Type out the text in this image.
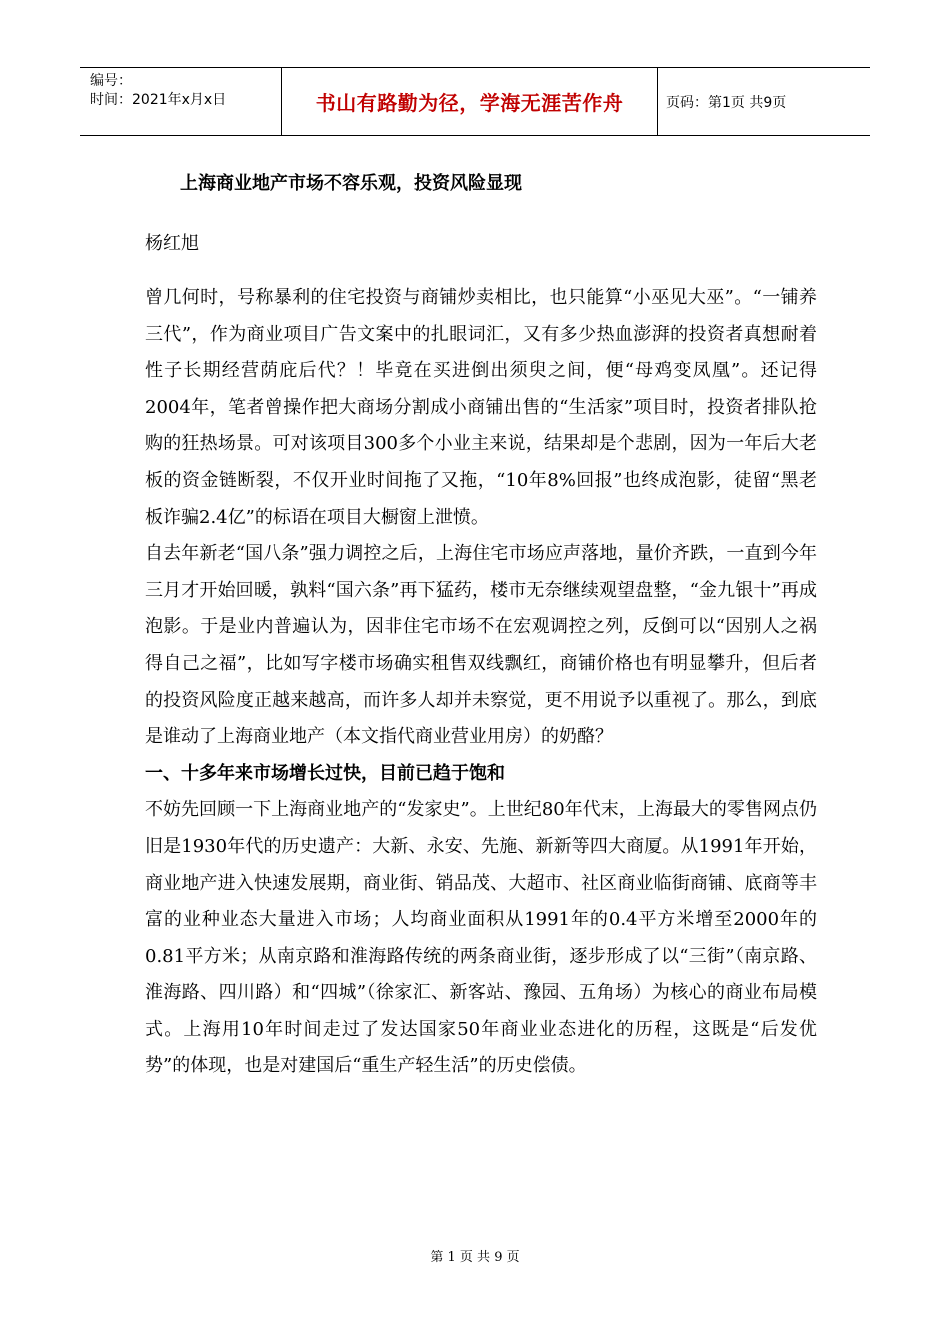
编号：
时间：2021年x月x日	书山有路勤为径，学海无涯苦作舟	页码：第1页 共9页
上海商业地产市场不容乐观，投资风险显现
杨红旭

曾几何时，号称暴利的住宅投资与商铺炒卖相比，也只能算“小巫见大巫”。“一铺养三代”，作为商业项目广告文案中的扎眼词汇，又有多少热血澎湃的投资者真想耐着性子长期经营荫庇后代？！毕竟在买进倒出须臾之间，便“母鸡变凤凰”。还记得2004年，笔者曾操作把大商场分割成小商铺出售的“生活家”项目时，投资者排队抢购的狂热场景。可对该项目300多个小业主来说，结果却是个悲剧，因为一年后大老板的资金链断裂，不仅开业时间拖了又拖，“10年8%回报”也终成泡影，徒留“黑老板诈骗2.4亿”的标语在项目大橱窗上泄愤。

自去年新老“国八条”强力调控之后，上海住宅市场应声落地，量价齐跌，一直到今年三月才开始回暖，孰料“国六条”再下猛药，楼市无奈继续观望盘整，“金九银十”再成泡影。于是业内普遍认为，因非住宅市场不在宏观调控之列，反倒可以“因别人之祸得自己之福”，比如写字楼市场确实租售双线飘红，商铺价格也有明显攀升，但后者的投资风险度正越来越高，而许多人却并未察觉，更不用说予以重视了。那么，到底是谁动了上海商业地产（本文指代商业营业用房）的奶酪？

一、十多年来市场增长过快，目前已趋于饱和

不妨先回顾一下上海商业地产的“发家史”。上世纪80年代末，上海最大的零售网点仍旧是1930年代的历史遗产：大新、永安、先施、新新等四大商厦。从1991年开始，商业地产进入快速发展期，商业街、销品茂、大超市、社区商业临街商铺、底商等丰富的业种业态大量进入市场；人均商业面积从1991年的0.4平方米增至2000年的0.81平方米；从南京路和淮海路传统的两条商业街，逐步形成了以“三街”（南京路、淮海路、四川路）和“四城”（徐家汇、新客站、豫园、五角场）为核心的商业布局模式。上海用10年时间走过了发达国家50年商业业态进化的历程，这既是“后发优势”的体现，也是对建国后“重生产轻生活”的历史偿债。

第 1 页 共 9 页
